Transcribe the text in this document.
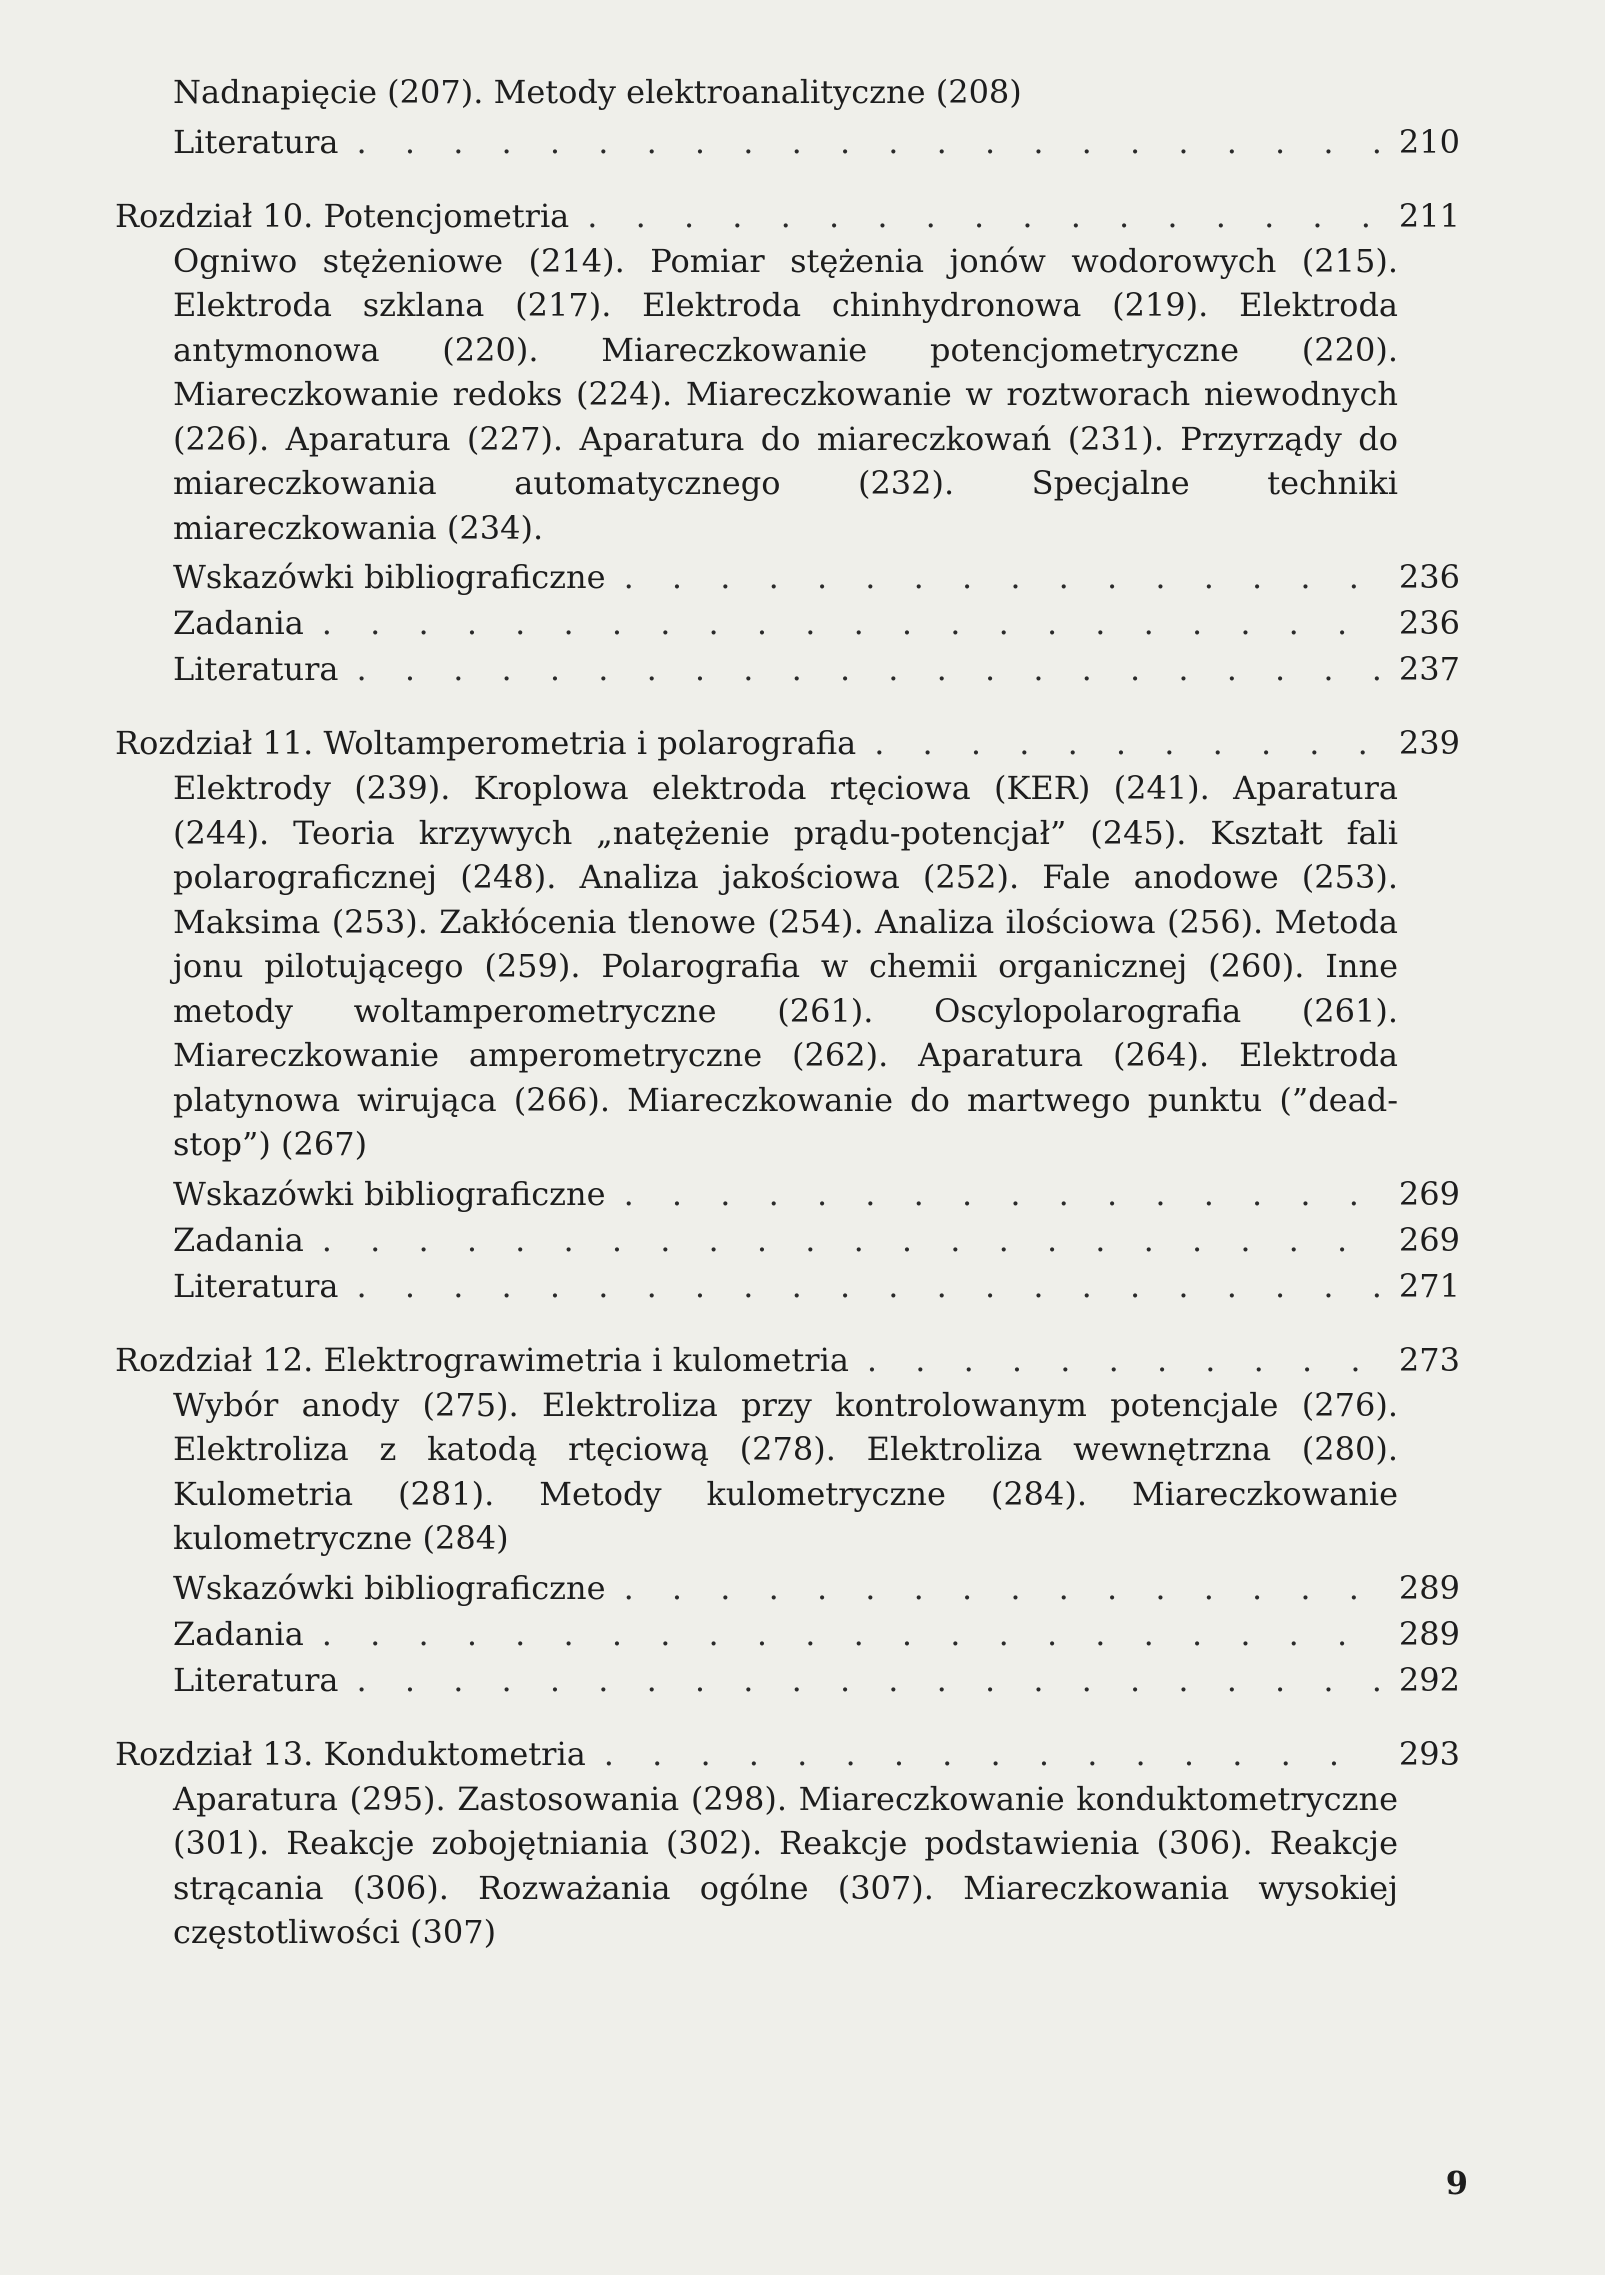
Nadnapięcie (207). Metody elektroanalityczne (208)
Literatura . . .	210
Rozdział 10. Potencjometria . . .	211
Ogniwo stężeniowe (214). Pomiar stężenia jonów wodorowych (215). Elektroda szklana (217). Elektroda chinhydronowa (219). Elektroda antymonowa (220). Miareczkowanie potencjometryczne (220). Miareczkowanie redoks (224). Miareczkowanie w roztworach niewodnych (226). Aparatura (227). Aparatura do miareczkowań (231). Przyrządy do miareczkowania automatycznego (232). Specjalne techniki miareczkowania (234).
Wskazówki bibliograficzne . . .	236
Zadania . . .	236
Literatura . . .	237
Rozdział 11. Woltamperometria i polarografia . . .	239
Elektrody (239). Kroplowa elektroda rtęciowa (KER) (241). Aparatura (244). Teoria krzywych „natężenie prądu-potencjał” (245). Kształt fali polarograficznej (248). Analiza jakościowa (252). Fale anodowe (253). Maksima (253). Zakłócenia tlenowe (254). Analiza ilościowa (256). Metoda jonu pilotującego (259). Polarografia w chemii organicznej (260). Inne metody woltamperometryczne (261). Oscylopolarografia (261). Miareczkowanie amperometryczne (262). Aparatura (264). Elektroda platynowa wirująca (266). Miareczkowanie do martwego punktu (”dead-stop”) (267)
Wskazówki bibliograficzne . . .	269
Zadania . . .	269
Literatura . . .	271
Rozdział 12. Elektrograwimetria i kulometria . . .	273
Wybór anody (275). Elektroliza przy kontrolowanym potencjale (276). Elektroliza z katodą rtęciową (278). Elektroliza wewnętrzna (280). Kulometria (281). Metody kulometryczne (284). Miareczkowanie kulometryczne (284)
Wskazówki bibliograficzne . . .	289
Zadania . . .	289
Literatura . . .	292
Rozdział 13. Konduktometria . . .	293
Aparatura (295). Zastosowania (298). Miareczkowanie konduktometryczne (301). Reakcje zobojętniania (302). Reakcje podstawienia (306). Reakcje strącania (306). Rozważania ogólne (307). Miareczkowania wysokiej częstotliwości (307)
9
